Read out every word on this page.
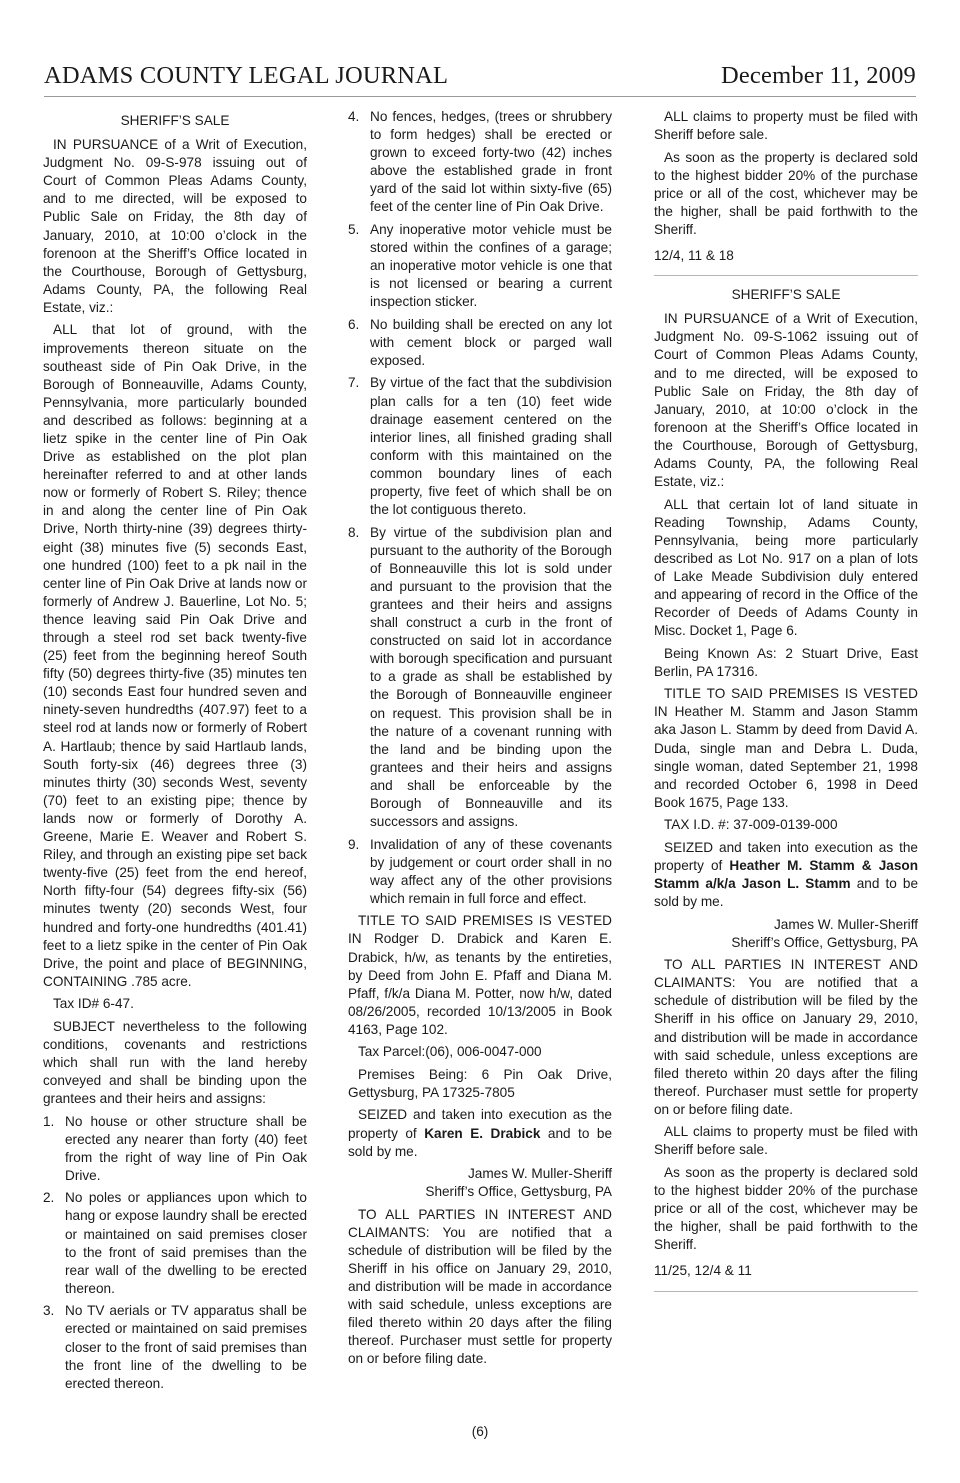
ADAMS COUNTY LEGAL JOURNAL	December 11, 2009

SHERIFF’S SALE

IN PURSUANCE of a Writ of Execution, Judgment No. 09-S-978 issuing out of Court of Common Pleas Adams County, and to me directed, will be exposed to Public Sale on Friday, the 8th day of January, 2010, at 10:00 o’clock in the forenoon at the Sheriff’s Office located in the Courthouse, Borough of Gettysburg, Adams County, PA, the following Real Estate, viz.:

ALL that lot of ground, with the improvements thereon situate on the southeast side of Pin Oak Drive, in the Borough of Bonneauville, Adams County, Pennsylvania, more particularly bounded and described as follows: beginning at a lietz spike in the center line of Pin Oak Drive as established on the plot plan hereinafter referred to and at other lands now or formerly of Robert S. Riley; thence in and along the center line of Pin Oak Drive, North thirty-nine (39) degrees thirty-eight (38) minutes five (5) seconds East, one hundred (100) feet to a pk nail in the center line of Pin Oak Drive at lands now or formerly of Andrew J. Bauerline, Lot No. 5; thence leaving said Pin Oak Drive and through a steel rod set back twenty-five (25) feet from the beginning hereof South fifty (50) degrees thirty-five (35) minutes ten (10) seconds East four hundred seven and ninety-seven hundredths (407.97) feet to a steel rod at lands now or formerly of Robert A. Hartlaub; thence by said Hartlaub lands, South forty-six (46) degrees three (3) minutes thirty (30) seconds West, seventy (70) feet to an existing pipe; thence by lands now or formerly of Dorothy A. Greene, Marie E. Weaver and Robert S. Riley, and through an existing pipe set back twenty-five (25) feet from the end hereof, North fifty-four (54) degrees fifty-six (56) minutes twenty (20) seconds West, four hundred and forty-one hundredths (401.41) feet to a lietz spike in the center of Pin Oak Drive, the point and place of BEGINNING, CONTAINING .785 acre.

Tax ID# 6-47.

SUBJECT nevertheless to the following conditions, covenants and restrictions which shall run with the land hereby conveyed and shall be binding upon the grantees and their heirs and assigns:

1. No house or other structure shall be erected any nearer than forty (40) feet from the right of way line of Pin Oak Drive.
2. No poles or appliances upon which to hang or expose laundry shall be erected or maintained on said premises closer to the front of said premises than the rear wall of the dwelling to be erected thereon.
3. No TV aerials or TV apparatus shall be erected or maintained on said premises closer to the front of said premises than the front line of the dwelling to be erected thereon.
4. No fences, hedges, (trees or shrubbery to form hedges) shall be erected or grown to exceed forty-two (42) inches above the established grade in front yard of the said lot within sixty-five (65) feet of the center line of Pin Oak Drive.
5. Any inoperative motor vehicle must be stored within the confines of a garage; an inoperative motor vehicle is one that is not licensed or bearing a current inspection sticker.
6. No building shall be erected on any lot with cement block or parged wall exposed.
7. By virtue of the fact that the subdivision plan calls for a ten (10) feet wide drainage easement centered on the interior lines, all finished grading shall conform with this maintained on the common boundary lines of each property, five feet of which shall be on the lot contiguous thereto.
8. By virtue of the subdivision plan and pursuant to the authority of the Borough of Bonneauville this lot is sold under and pursuant to the provision that the grantees and their heirs and assigns shall construct a curb in the front of constructed on said lot in accordance with borough specification and pursuant to a grade as shall be established by the Borough of Bonneauville engineer on request. This provision shall be in the nature of a covenant running with the land and be binding upon the grantees and their heirs and assigns and shall be enforceable by the Borough of Bonneauville and its successors and assigns.
9. Invalidation of any of these covenants by judgement or court order shall in no way affect any of the other provisions which remain in full force and effect.

TITLE TO SAID PREMISES IS VESTED IN Rodger D. Drabick and Karen E. Drabick, h/w, as tenants by the entireties, by Deed from John E. Pfaff and Diana M. Pfaff, f/k/a Diana M. Potter, now h/w, dated 08/26/2005, recorded 10/13/2005 in Book 4163, Page 102.

Tax Parcel:(06), 006-0047-000

Premises Being: 6 Pin Oak Drive, Gettysburg, PA 17325-7805

SEIZED and taken into execution as the property of Karen E. Drabick and to be sold by me.

James W. Muller-Sheriff

Sheriff’s Office, Gettysburg, PA

TO ALL PARTIES IN INTEREST AND CLAIMANTS: You are notified that a schedule of distribution will be filed by the Sheriff in his office on January 29, 2010, and distribution will be made in accordance with said schedule, unless exceptions are filed thereto within 20 days after the filing thereof. Purchaser must settle for property on or before filing date.

ALL claims to property must be filed with Sheriff before sale.

As soon as the property is declared sold to the highest bidder 20% of the purchase price or all of the cost, whichever may be the higher, shall be paid forthwith to the Sheriff.

12/4, 11 & 18

SHERIFF’S SALE

IN PURSUANCE of a Writ of Execution, Judgment No. 09-S-1062 issuing out of Court of Common Pleas Adams County, and to me directed, will be exposed to Public Sale on Friday, the 8th day of January, 2010, at 10:00 o’clock in the forenoon at the Sheriff’s Office located in the Courthouse, Borough of Gettysburg, Adams County, PA, the following Real Estate, viz.:

ALL that certain lot of land situate in Reading Township, Adams County, Pennsylvania, being more particularly described as Lot No. 917 on a plan of lots of Lake Meade Subdivision duly entered and appearing of record in the Office of the Recorder of Deeds of Adams County in Misc. Docket 1, Page 6.

Being Known As: 2 Stuart Drive, East Berlin, PA 17316.

TITLE TO SAID PREMISES IS VESTED IN Heather M. Stamm and Jason Stamm aka Jason L. Stamm by deed from David A. Duda, single man and Debra L. Duda, single woman, dated September 21, 1998 and recorded October 6, 1998 in Deed Book 1675, Page 133.

TAX I.D. #: 37-009-0139-000

SEIZED and taken into execution as the property of Heather M. Stamm & Jason Stamm a/k/a Jason L. Stamm and to be sold by me.

James W. Muller-Sheriff

Sheriff’s Office, Gettysburg, PA

TO ALL PARTIES IN INTEREST AND CLAIMANTS: You are notified that a schedule of distribution will be filed by the Sheriff in his office on January 29, 2010, and distribution will be made in accordance with said schedule, unless exceptions are filed thereto within 20 days after the filing thereof. Purchaser must settle for property on or before filing date.

ALL claims to property must be filed with Sheriff before sale.

As soon as the property is declared sold to the highest bidder 20% of the purchase price or all of the cost, whichever may be the higher, shall be paid forthwith to the Sheriff.

11/25, 12/4 & 11

(6)
